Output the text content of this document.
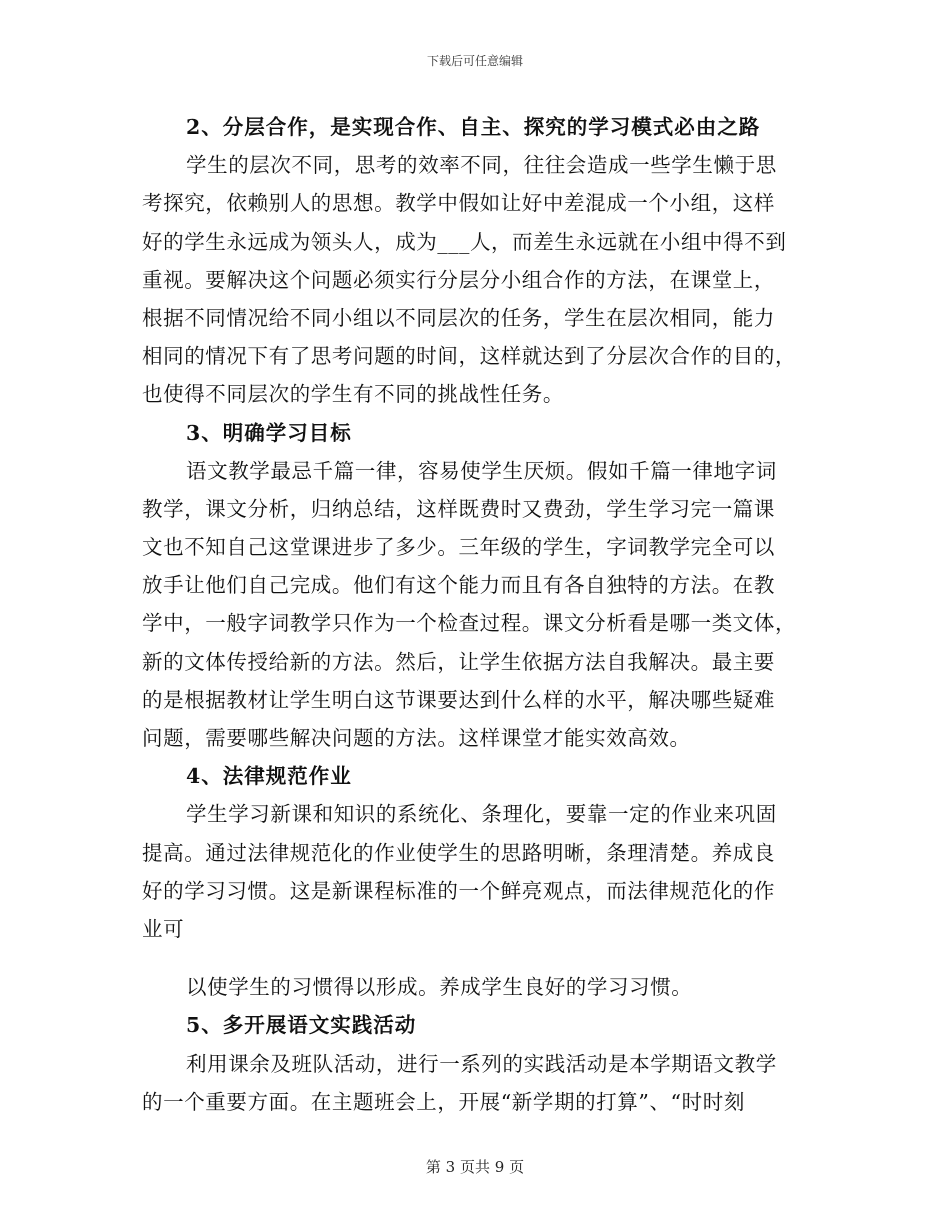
下载后可任意编辑
2、分层合作，是实现合作、自主、探究的学习模式必由之路
学生的层次不同，思考的效率不同，往往会造成一些学生懒于思
考探究，依赖别人的思想。教学中假如让好中差混成一个小组，这样
好的学生永远成为领头人，成为___人，而差生永远就在小组中得不到
重视。要解决这个问题必须实行分层分小组合作的方法，在课堂上，
根据不同情况给不同小组以不同层次的任务，学生在层次相同，能力
相同的情况下有了思考问题的时间，这样就达到了分层次合作的目的，
也使得不同层次的学生有不同的挑战性任务。
3、明确学习目标
语文教学最忌千篇一律，容易使学生厌烦。假如千篇一律地字词
教学，课文分析，归纳总结，这样既费时又费劲，学生学习完一篇课
文也不知自己这堂课进步了多少。三年级的学生，字词教学完全可以
放手让他们自己完成。他们有这个能力而且有各自独特的方法。在教
学中，一般字词教学只作为一个检查过程。课文分析看是哪一类文体，
新的文体传授给新的方法。然后，让学生依据方法自我解决。最主要
的是根据教材让学生明白这节课要达到什么样的水平，解决哪些疑难
问题，需要哪些解决问题的方法。这样课堂才能实效高效。
4、法律规范作业
学生学习新课和知识的系统化、条理化，要靠一定的作业来巩固
提高。通过法律规范化的作业使学生的思路明晰，条理清楚。养成良
好的学习习惯。这是新课程标准的一个鲜亮观点，而法律规范化的作
业可
以使学生的习惯得以形成。养成学生良好的学习习惯。
5、多开展语文实践活动
利用课余及班队活动，进行一系列的实践活动是本学期语文教学
的一个重要方面。在主题班会上，开展“新学期的打算”、“时时刻
第 3 页共 9 页
